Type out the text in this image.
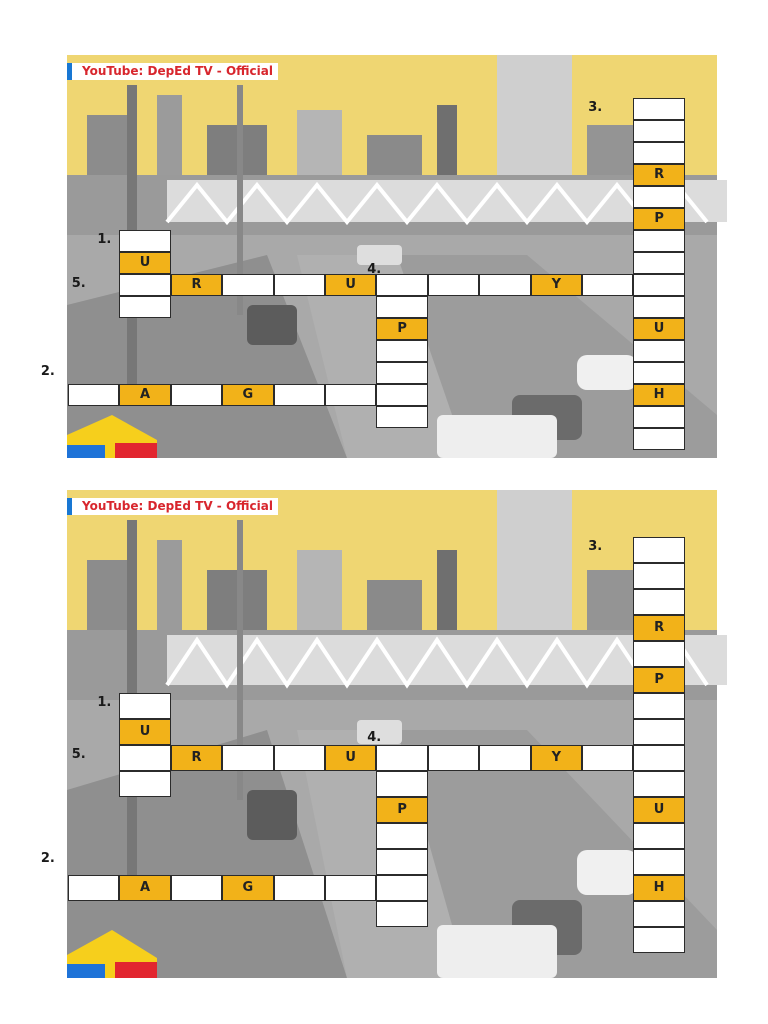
YouTube: DepEd TV - Official
U
R	U	Y
P
A	G
R
P
U
H
1.
2.
3.
4.
5.
YouTube: DepEd TV - Official
U
R	U	Y
P
A	G
R
P
U
H
1.
2.
3.
4.
5.
